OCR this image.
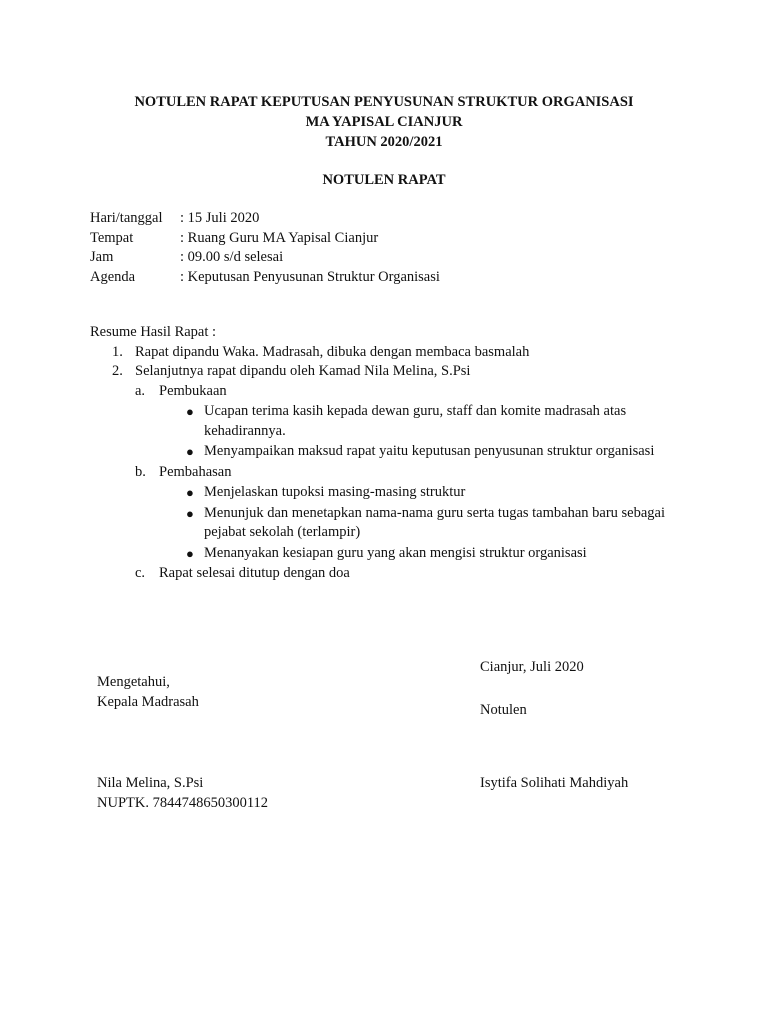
NOTULEN RAPAT KEPUTUSAN PENYUSUNAN STRUKTUR ORGANISASI
MA YAPISAL CIANJUR
TAHUN 2020/2021
NOTULEN RAPAT
Hari/tanggal	: 15 Juli 2020
Tempat	: Ruang Guru MA Yapisal Cianjur
Jam	: 09.00 s/d selesai
Agenda	: Keputusan Penyusunan Struktur Organisasi
Resume Hasil Rapat :
1. Rapat dipandu Waka. Madrasah, dibuka dengan membaca basmalah
2. Selanjutnya rapat dipandu oleh Kamad Nila Melina, S.Psi
a. Pembukaan
● Ucapan terima kasih kepada dewan guru, staff dan komite madrasah atas kehadirannya.
● Menyampaikan maksud rapat yaitu keputusan penyusunan struktur organisasi
b. Pembahasan
● Menjelaskan tupoksi masing-masing struktur
● Menunjuk dan menetapkan nama-nama guru serta tugas tambahan baru sebagai pejabat sekolah (terlampir)
● Menanyakan kesiapan guru yang akan mengisi struktur organisasi
c. Rapat selesai ditutup dengan doa
Cianjur, Juli 2020
Notulen
Mengetahui,
Kepala Madrasah
Nila Melina, S.Psi
NUPTK. 7844748650300112
Isytifa Solihati Mahdiyah
